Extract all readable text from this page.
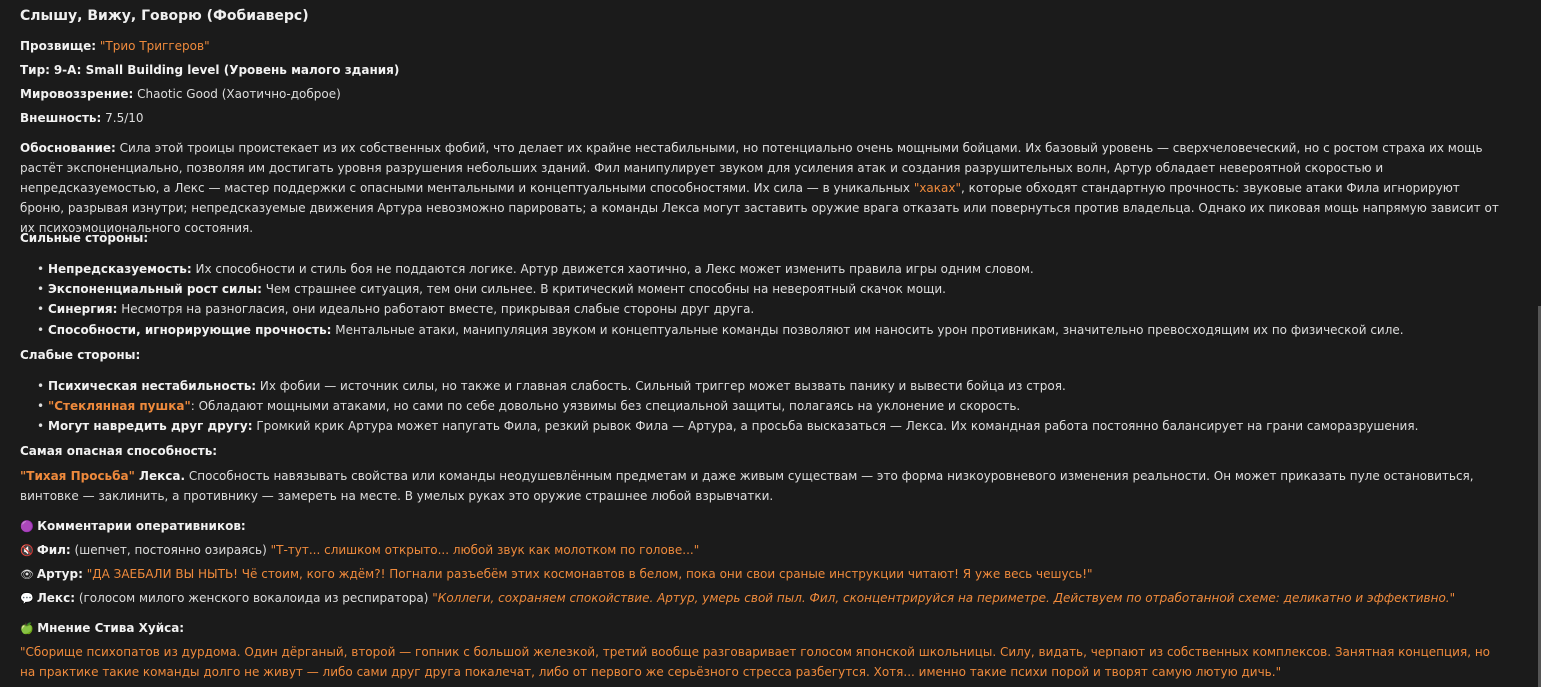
Слышу, Вижу, Говорю (Фобиаверс)
Прозвище: "Трио Триггеров"
Тир: 9-A: Small Building level (Уровень малого здания)
Мировоззрение: Chaotic Good (Хаотично-доброе)
Внешность: 7.5/10
Обоснование: Сила этой троицы проистекает из их собственных фобий, что делает их крайне нестабильными, но потенциально очень мощными бойцами. Их базовый уровень — сверхчеловеческий, но с ростом страха их мощь растёт экспоненциально, позволяя им достигать уровня разрушения небольших зданий. Фил манипулирует звуком для усиления атак и создания разрушительных волн, Артур обладает невероятной скоростью и непредсказуемостью, а Лекс — мастер поддержки с опасными ментальными и концептуальными способностями. Их сила — в уникальных "хаках", которые обходят стандартную прочность: звуковые атаки Фила игнорируют броню, разрывая изнутри; непредсказуемые движения Артура невозможно парировать; а команды Лекса могут заставить оружие врага отказать или повернуться против владельца. Однако их пиковая мощь напрямую зависит от их психоэмоционального состояния.
Сильные стороны:
• Непредсказуемость: Их способности и стиль боя не поддаются логике. Артур движется хаотично, а Лекс может изменить правила игры одним словом.
• Экспоненциальный рост силы: Чем страшнее ситуация, тем они сильнее. В критический момент способны на невероятный скачок мощи.
• Синергия: Несмотря на разногласия, они идеально работают вместе, прикрывая слабые стороны друг друга.
• Способности, игнорирующие прочность: Ментальные атаки, манипуляция звуком и концептуальные команды позволяют им наносить урон противникам, значительно превосходящим их по физической силе.
Слабые стороны:
• Психическая нестабильность: Их фобии — источник силы, но также и главная слабость. Сильный триггер может вызвать панику и вывести бойца из строя.
• "Стеклянная пушка": Обладают мощными атаками, но сами по себе довольно уязвимы без специальной защиты, полагаясь на уклонение и скорость.
• Могут навредить друг другу: Громкий крик Артура может напугать Фила, резкий рывок Фила — Артура, а просьба высказаться — Лекса. Их командная работа постоянно балансирует на грани саморазрушения.
Самая опасная способность:
"Тихая Просьба" Лекса. Способность навязывать свойства или команды неодушевлённым предметам и даже живым существам — это форма низкоуровневого изменения реальности. Он может приказать пуле остановиться, винтовке — заклинить, а противнику — замереть на месте. В умелых руках это оружие страшнее любой взрывчатки.
🟣 Комментарии оперативников:
🔇 Фил: (шепчет, постоянно озираясь) "Т-тут... слишком открыто... любой звук как молотком по голове..."
👁 Артур: "ДА ЗАЕБАЛИ ВЫ НЫТЬ! Чё стоим, кого ждём?! Погнали разъебём этих космонавтов в белом, пока они свои сраные инструкции читают! Я уже весь чешусь!"
💬 Лекс: (голосом милого женского вокалоида из респиратора) "Коллеги, сохраняем спокойствие. Артур, умерь свой пыл. Фил, сконцентрируйся на периметре. Действуем по отработанной схеме: деликатно и эффективно."
🍏 Мнение Стива Хуйса:
"Сборище психопатов из дурдома. Один дёрганый, второй — гопник с большой железкой, третий вообще разговаривает голосом японской школьницы. Силу, видать, черпают из собственных комплексов. Занятная концепция, но на практике такие команды долго не живут — либо сами друг друга покалечат, либо от первого же серьёзного стресса разбегутся. Хотя... именно такие психи порой и творят самую лютую дичь."
